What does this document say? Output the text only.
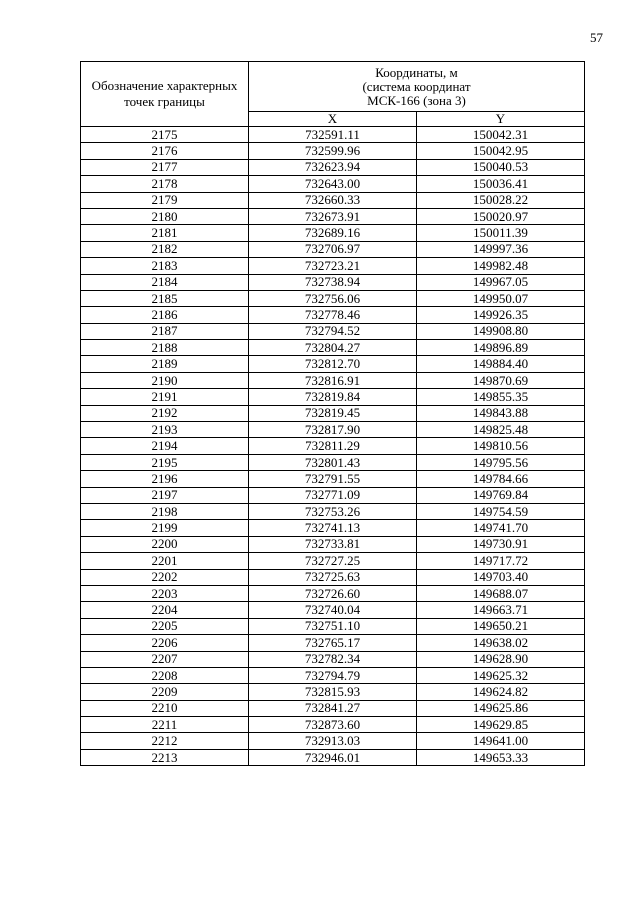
57
Обозначение характерных точек границы	Координаты, м
(система координат
МСК-166 (зона 3)	

	X	Y
2175	732591.11	150042.31
2176	732599.96	150042.95
2177	732623.94	150040.53
2178	732643.00	150036.41
2179	732660.33	150028.22
2180	732673.91	150020.97
2181	732689.16	150011.39
2182	732706.97	149997.36
2183	732723.21	149982.48
2184	732738.94	149967.05
2185	732756.06	149950.07
2186	732778.46	149926.35
2187	732794.52	149908.80
2188	732804.27	149896.89
2189	732812.70	149884.40
2190	732816.91	149870.69
2191	732819.84	149855.35
2192	732819.45	149843.88
2193	732817.90	149825.48
2194	732811.29	149810.56
2195	732801.43	149795.56
2196	732791.55	149784.66
2197	732771.09	149769.84
2198	732753.26	149754.59
2199	732741.13	149741.70
2200	732733.81	149730.91
2201	732727.25	149717.72
2202	732725.63	149703.40
2203	732726.60	149688.07
2204	732740.04	149663.71
2205	732751.10	149650.21
2206	732765.17	149638.02
2207	732782.34	149628.90
2208	732794.79	149625.32
2209	732815.93	149624.82
2210	732841.27	149625.86
2211	732873.60	149629.85
2212	732913.03	149641.00
2213	732946.01	149653.33
